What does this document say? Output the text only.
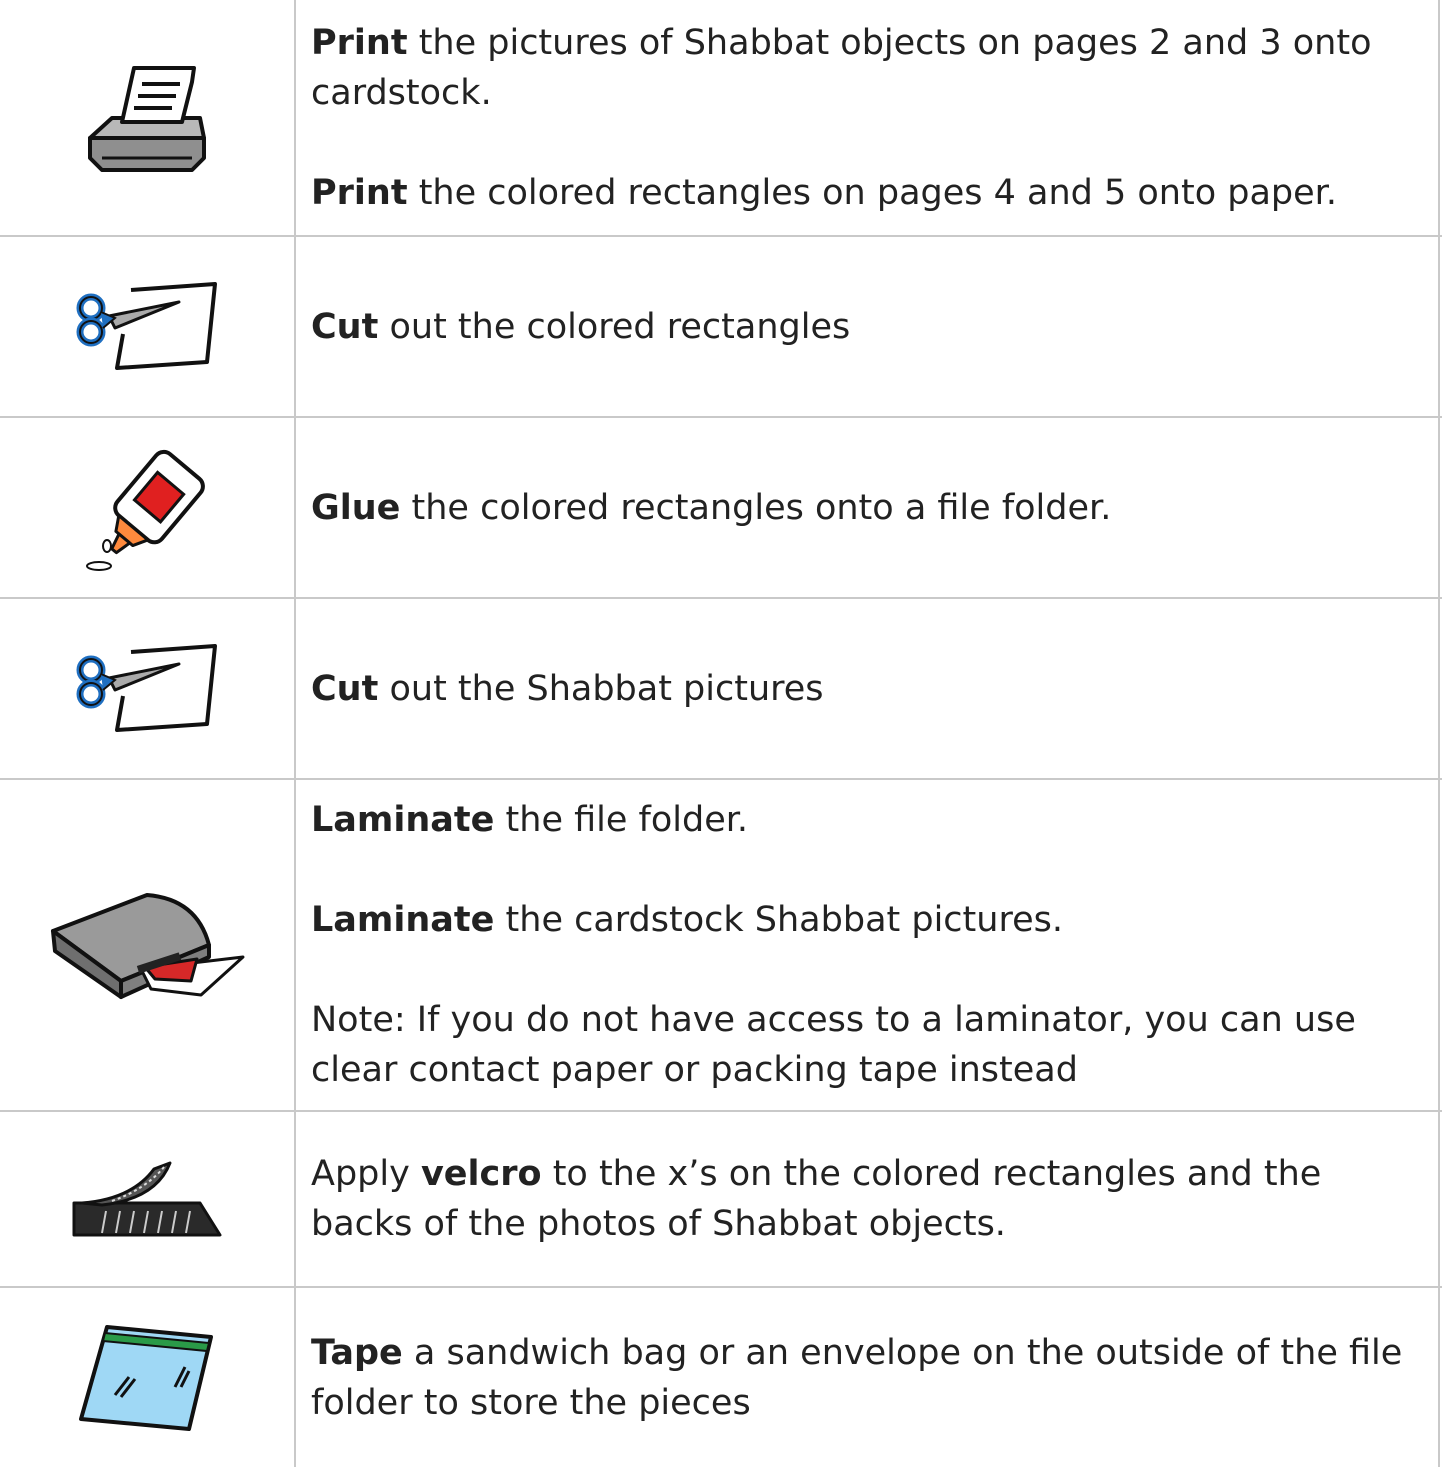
Print the pictures of Shabbat objects on pages 2 and 3 onto cardstock.

Print the colored rectangles on pages 4 and 5 onto paper.

Cut out the colored rectangles

Glue the colored rectangles onto a file folder.

Cut out the Shabbat pictures

Laminate the file folder.

Laminate the cardstock Shabbat pictures.

Note: If you do not have access to a laminator, you can use clear contact paper or packing tape instead

Apply velcro to the x’s on the colored rectangles and the backs of the photos of Shabbat objects.

Tape a sandwich bag or an envelope on the outside of the file folder to store the pieces
